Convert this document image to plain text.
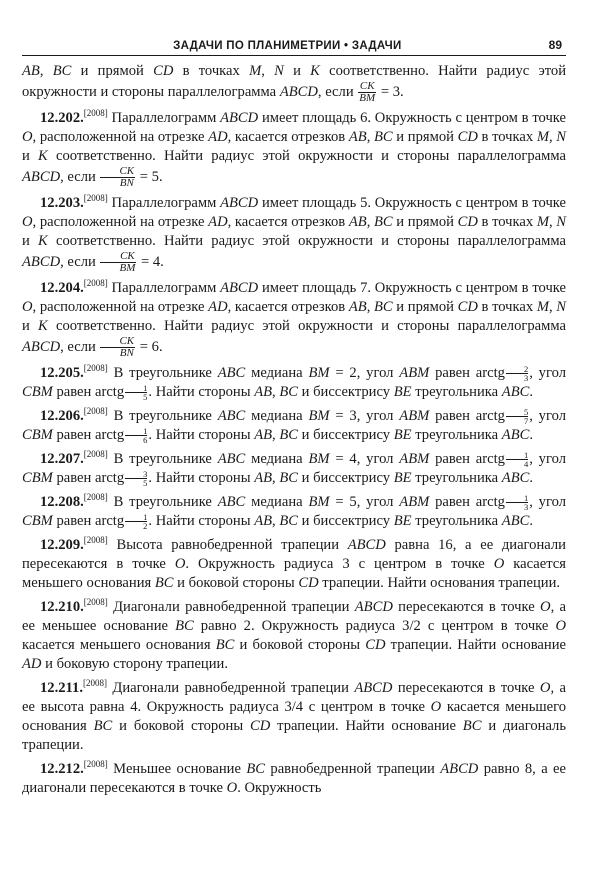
ЗАДАЧИ ПО ПЛАНИМЕТРИИ • ЗАДАЧИ	89

AB, BC и прямой CD в точках M, N и K соответственно. Найти радиус этой окружности и стороны параллелограмма ABCD, если $\frac{CK}{BM} = 3$.

12.202.[2008] Параллелограмм ABCD имеет площадь 6. Окружность с центром в точке O, расположенной на отрезке AD, касается отрезков AB, BC и прямой CD в точках M, N и K соответственно. Найти радиус этой окружности и стороны параллелограмма ABCD, если $\frac{CK}{BN} = 5$.

12.203.[2008] Параллелограмм ABCD имеет площадь 5. Окружность с центром в точке O, расположенной на отрезке AD, касается отрезков AB, BC и прямой CD в точках M, N и K соответственно. Найти радиус этой окружности и стороны параллелограмма ABCD, если $\frac{CK}{BM} = 4$.

12.204.[2008] Параллелограмм ABCD имеет площадь 7. Окружность с центром в точке O, расположенной на отрезке AD, касается отрезков AB, BC и прямой CD в точках M, N и K соответственно. Найти радиус этой окружности и стороны параллелограмма ABCD, если $\frac{CK}{BN} = 6$.

12.205.[2008] В треугольнике ABC медиана BM = 2, угол ABM равен arctg $\frac{2}{3}$ , угол CBM равен arctg $\frac{1}{5}$ . Найти стороны AB, BC и биссектрису BE треугольника ABC.

12.206.[2008] В треугольнике ABC медиана BM = 3, угол ABM равен arctg $\frac{5}{7}$ , угол CBM равен arctg $\frac{1}{6}$ . Найти стороны AB, BC и биссектрису BE треугольника ABC.

12.207.[2008] В треугольнике ABC медиана BM = 4, угол ABM равен arctg $\frac{1}{4}$ , угол CBM равен arctg $\frac{3}{5}$ . Найти стороны AB, BC и биссектрису BE треугольника ABC.

12.208.[2008] В треугольнике ABC медиана BM = 5, угол ABM равен arctg $\frac{1}{3}$ , угол CBM равен arctg $\frac{1}{2}$ . Найти стороны AB, BC и биссектрису BE треугольника ABC.

12.209.[2008] Высота равнобедренной трапеции ABCD равна 16, а ее диагонали пересекаются в точке O. Окружность радиуса 3 с центром в точке O касается меньшего основания BC и боковой стороны CD трапеции. Найти основания трапеции.

12.210.[2008] Диагонали равнобедренной трапеции ABCD пересекаются в точке O, а ее меньшее основание BC равно 2. Окружность радиуса 3/2 с центром в точке O касается меньшего основания BC и боковой стороны CD трапеции. Найти основание AD и боковую сторону трапеции.

12.211.[2008] Диагонали равнобедренной трапеции ABCD пересекаются в точке O, а ее высота равна 4. Окружность радиуса 3/4 с центром в точке O касается меньшего основания BC и боковой стороны CD трапеции. Найти основание BC и диагональ трапеции.

12.212.[2008] Меньшее основание BC равнобедренной трапеции ABCD равно 8, а ее диагонали пересекаются в точке O. Окружность
